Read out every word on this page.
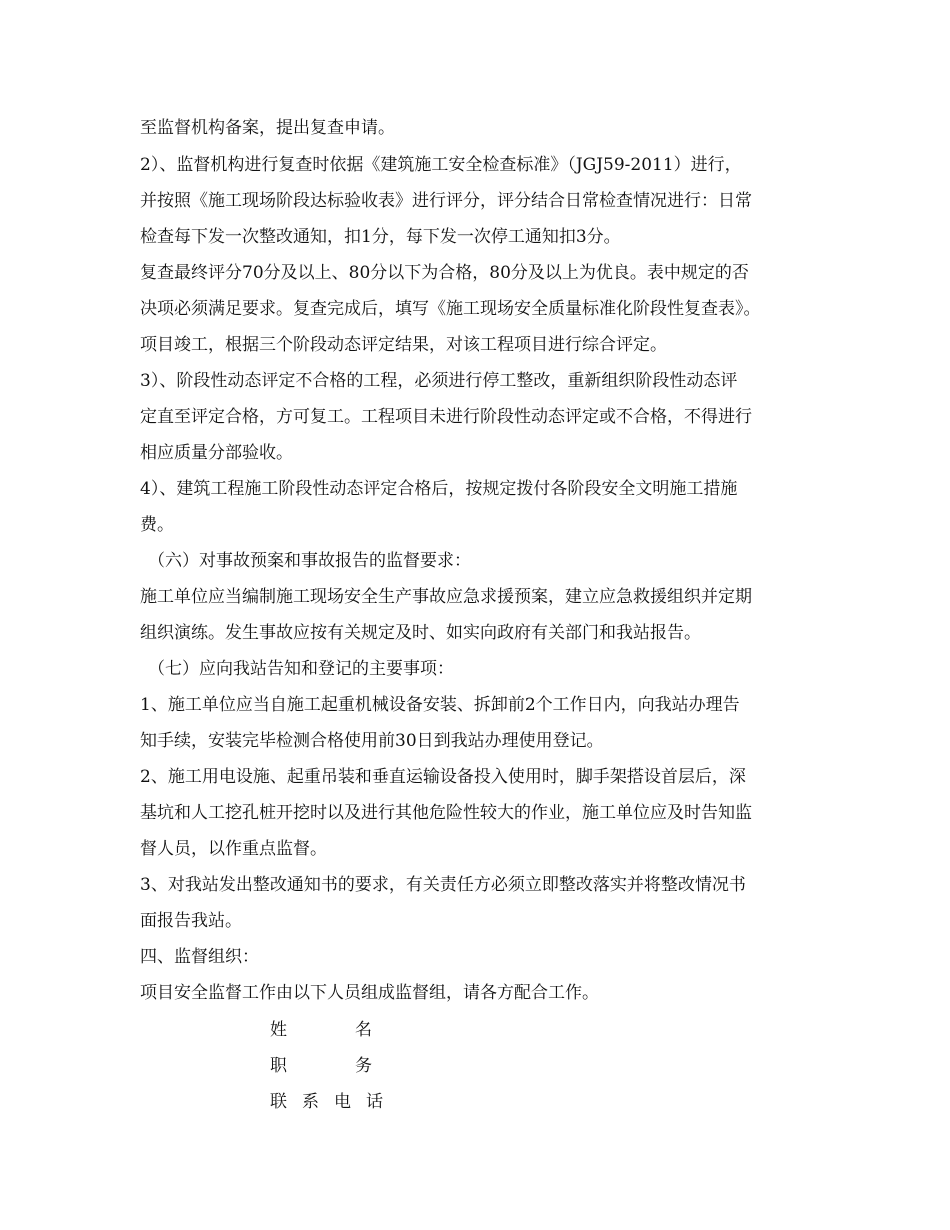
至监督机构备案，提出复查申请。
2）、监督机构进行复查时依据《建筑施工安全检查标准》（JGJ59-2011）进行，
并按照《施工现场阶段达标验收表》进行评分，评分结合日常检查情况进行：日常
检查每下发一次整改通知，扣1分，每下发一次停工通知扣3分。
复查最终评分70分及以上、80分以下为合格，80分及以上为优良。表中规定的否
决项必须满足要求。复查完成后，填写《施工现场安全质量标准化阶段性复查表》。
项目竣工，根据三个阶段动态评定结果，对该工程项目进行综合评定。
3）、阶段性动态评定不合格的工程，必须进行停工整改，重新组织阶段性动态评
定直至评定合格，方可复工。工程项目未进行阶段性动态评定或不合格，不得进行
相应质量分部验收。
4）、建筑工程施工阶段性动态评定合格后，按规定拨付各阶段安全文明施工措施
费。
（六）对事故预案和事故报告的监督要求：
施工单位应当编制施工现场安全生产事故应急求援预案，建立应急救援组织并定期
组织演练。发生事故应按有关规定及时、如实向政府有关部门和我站报告。
（七）应向我站告知和登记的主要事项：
1、施工单位应当自施工起重机械设备安装、拆卸前2个工作日内，向我站办理告
知手续，安装完毕检测合格使用前30日到我站办理使用登记。
2、施工用电设施、起重吊装和垂直运输设备投入使用时，脚手架搭设首层后，深
基坑和人工挖孔桩开挖时以及进行其他危险性较大的作业，施工单位应及时告知监
督人员，以作重点监督。
3、对我站发出整改通知书的要求，有关责任方必须立即整改落实并将整改情况书
面报告我站。
四、监督组织：
项目安全监督工作由以下人员组成监督组，请各方配合工作。
姓名
职务
联系电话
